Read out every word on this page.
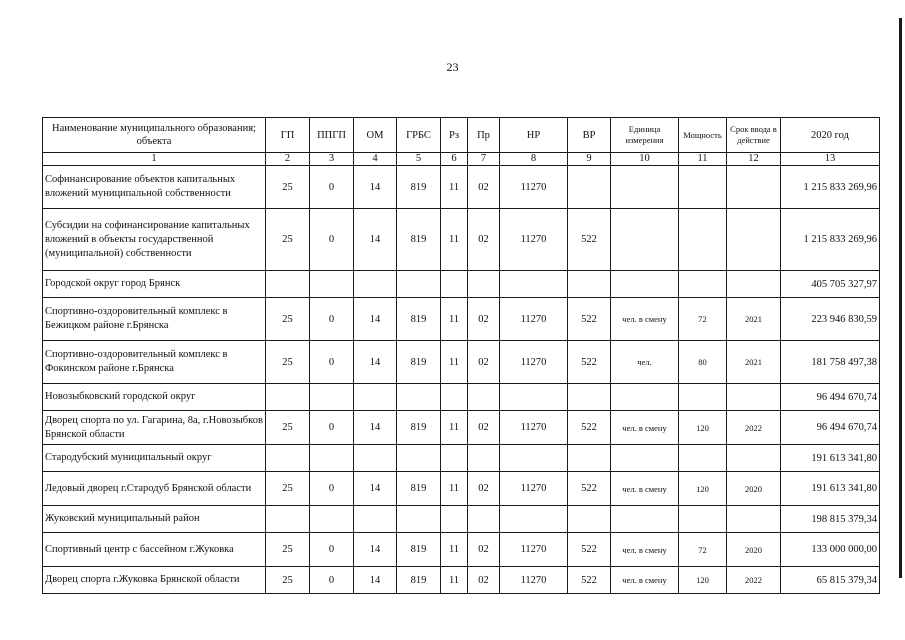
23
Наименование муниципального образования; объекта	ГП	ППГП	ОМ	ГРБС	Рз	Пр	НР	ВР	Единица измерения	Мощность	Срок ввода в действие	2020 год
1	2	3	4	5	6	7	8	9	10	11	12	13
Софинансирование объектов капитальных вложений муниципальной собственности	25	0	14	819	11	02	11270					1 215 833 269,96
Субсидии на софинансирование капитальных вложений в объекты государственной (муниципальной) собственности	25	0	14	819	11	02	11270	522				1 215 833 269,96
Городской округ город Брянск												405 705 327,97
Спортивно-оздоровительный комплекс в Бежицком районе г.Брянска	25	0	14	819	11	02	11270	522	чел. в смену	72	2021	223 946 830,59
Спортивно-оздоровительный комплекс в Фокинском районе г.Брянска	25	0	14	819	11	02	11270	522	чел.	80	2021	181 758 497,38
Новозыбковский городской округ												96 494 670,74
Дворец спорта по ул. Гагарина, 8а, г.Новозыбков Брянской области	25	0	14	819	11	02	11270	522	чел. в смену	120	2022	96 494 670,74
Стародубский муниципальный округ												191 613 341,80
Ледовый дворец г.Стародуб Брянской области	25	0	14	819	11	02	11270	522	чел. в смену	120	2020	191 613 341,80
Жуковский муниципальный район												198 815 379,34
Спортивный центр с бассейном г.Жуковка	25	0	14	819	11	02	11270	522	чел. в смену	72	2020	133 000 000,00
Дворец спорта г.Жуковка Брянской области	25	0	14	819	11	02	11270	522	чел. в смену	120	2022	65 815 379,34
